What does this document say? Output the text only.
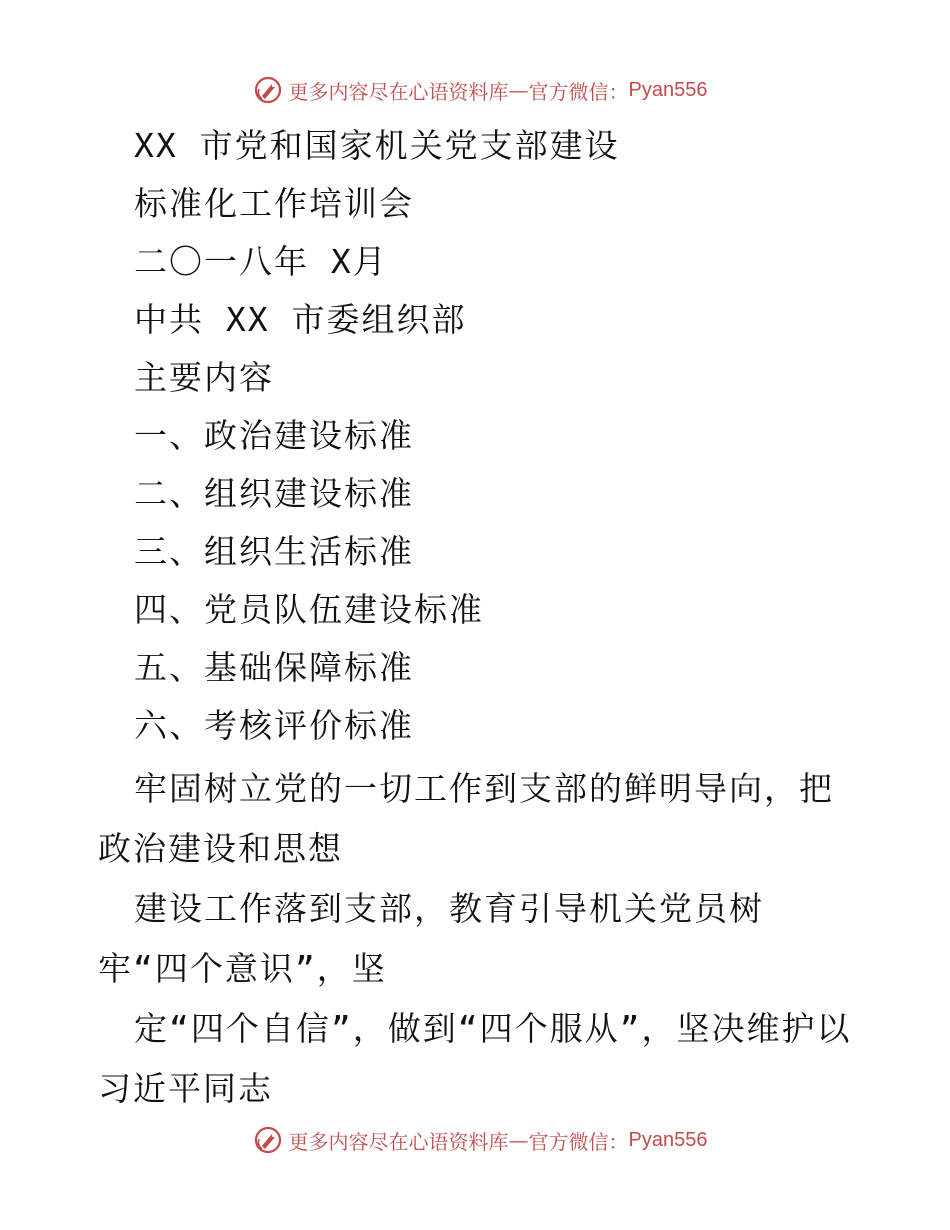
更多内容尽在心语资料库 — 官方微信： Pyan556
XX 市党和国家机关党支部建设
标准化工作培训会
二〇一八年 X月
中共 XX 市委组织部
主要内容
一、政治建设标准
二、组织建设标准
三、组织生活标准
四、党员队伍建设标准
五、基础保障标准
六、考核评价标准
牢固树立党的一切工作到支部的鲜明导向，把政治建设和思想
建设工作落到支部，教育引导机关党员树牢“四个意识”，坚
定“四个自信”，做到“四个服从”，坚决维护以习近平同志
更多内容尽在心语资料库 — 官方微信： Pyan556
